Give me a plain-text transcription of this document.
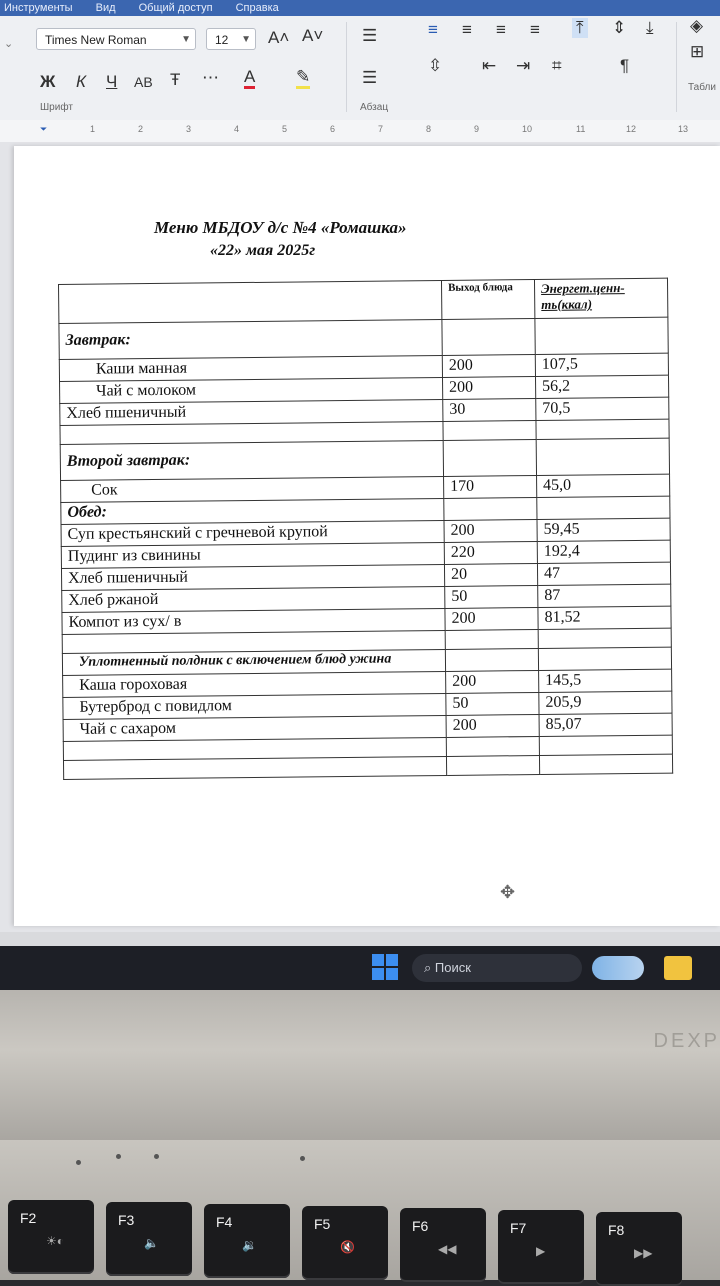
Инструменты Вид Общий доступ Справка
⌄	Times New Roman	▼	12 ▼ A˄ A˅
Ж К Ч АВ Ŧ ⋯ A ✎
Шрифт
☰
☰
≡ ≡ ≡ ≡ ⤒ ⇕ ⤓
⇳ ⇤ ⇥ ⌗	¶
Абзац
◈
⊞
Табли
⏷	1	2	3	4	5	6	7	8	9	10	11	12	13
Меню МБДОУ д/с №4 «Ромашка»
«22» мая 2025г
	Выход блюда	Энергет.ценн-ть(ккал)
Завтрак:		
Каши манная	200	107,5
Чай с молоком	200	56,2
Хлеб пшеничный	30	70,5

Второй завтрак:		
Сок	170	45,0
Обед:		
Суп крестьянский с гречневой крупой	200	59,45
Пудинг из свинины	220	192,4
Хлеб пшеничный	20	47
Хлеб ржаной	50	87
Компот из сух/ в	200	81,52

Уплотненный полдник с включением блюд ужина		
Каша гороховая	200	145,5
Бутерброд с повидлом	50	205,9
Чай с сахаром	200	85,07

✥
⌕ Поиск
DEXP
F2
☀◐
F3
🔈
F4
🔉
F5
🔇
F6
◀◀
F7
▶
F8
▶▶
